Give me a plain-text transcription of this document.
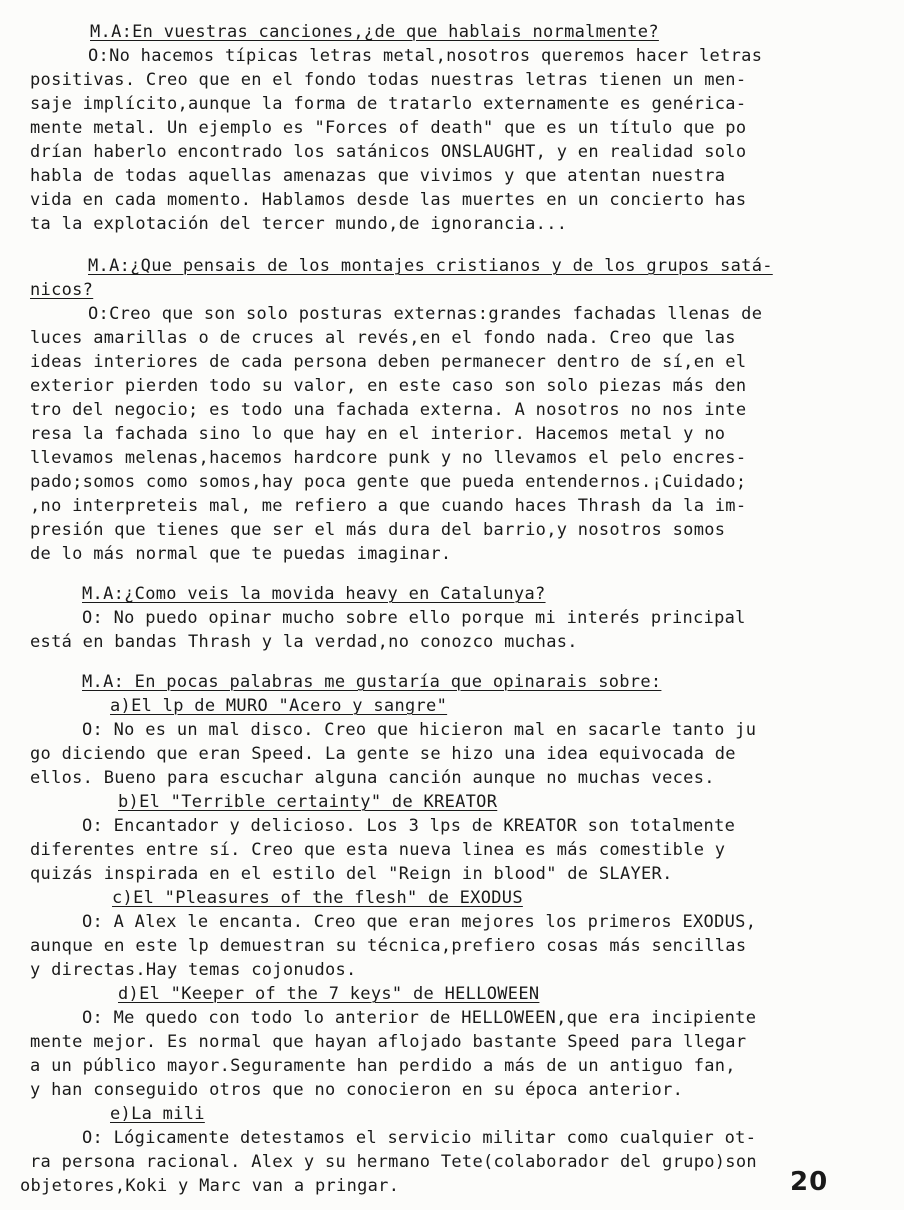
M.A:En vuestras canciones,¿de que hablais normalmente?
O:No hacemos típicas letras metal,nosotros queremos hacer letras
positivas. Creo que en el fondo todas nuestras letras tienen un men-
saje implícito,aunque la forma de tratarlo externamente es genérica-
mente metal. Un ejemplo es "Forces of death" que es un título que po
drían haberlo encontrado los satánicos ONSLAUGHT, y en realidad solo
habla de todas aquellas amenazas que vivimos y que atentan nuestra
vida en cada momento. Hablamos desde las muertes en un concierto has
ta la explotación del tercer mundo,de ignorancia...
M.A:¿Que pensais de los montajes cristianos y de los grupos satá-
nicos?
O:Creo que son solo posturas externas:grandes fachadas llenas de
luces amarillas o de cruces al revés,en el fondo nada. Creo que las
ideas interiores de cada persona deben permanecer dentro de sí,en el
exterior pierden todo su valor, en este caso son solo piezas más den
tro del negocio; es todo una fachada externa. A nosotros no nos inte
resa la fachada sino lo que hay en el interior. Hacemos metal y no
llevamos melenas,hacemos hardcore punk y no llevamos el pelo encres-
pado;somos como somos,hay poca gente que pueda entendernos.¡Cuidado;
,no interpreteis mal, me refiero a que cuando haces Thrash da la im-
presión que tienes que ser el más dura del barrio,y nosotros somos
de lo más normal que te puedas imaginar.
M.A:¿Como veis la movida heavy en Catalunya?
O: No puedo opinar mucho sobre ello porque mi interés principal
está en bandas Thrash y la verdad,no conozco muchas.
M.A: En pocas palabras me gustaría que opinarais sobre:
a)El lp de MURO "Acero y sangre"
O: No es un mal disco. Creo que hicieron mal en sacarle tanto ju
go diciendo que eran Speed. La gente se hizo una idea equivocada de
ellos. Bueno para escuchar alguna canción aunque no muchas veces.
b)El "Terrible certainty" de KREATOR
O: Encantador y delicioso. Los 3 lps de KREATOR son totalmente
diferentes entre sí. Creo que esta nueva linea es más comestible y
quizás inspirada en el estilo del "Reign in blood" de SLAYER.
c)El "Pleasures of the flesh" de EXODUS
O: A Alex le encanta. Creo que eran mejores los primeros EXODUS,
aunque en este lp demuestran su técnica,prefiero cosas más sencillas
y directas.Hay temas cojonudos.
d)El "Keeper of the 7 keys" de HELLOWEEN
O: Me quedo con todo lo anterior de HELLOWEEN,que era incipiente
mente mejor. Es normal que hayan aflojado bastante Speed para llegar
a un público mayor.Seguramente han perdido a más de un antiguo fan,
y han conseguido otros que no conocieron en su época anterior.
e)La mili
O: Lógicamente detestamos el servicio militar como cualquier ot-
ra persona racional. Alex y su hermano Tete(colaborador del grupo)son
objetores,Koki y Marc van a pringar.	20
